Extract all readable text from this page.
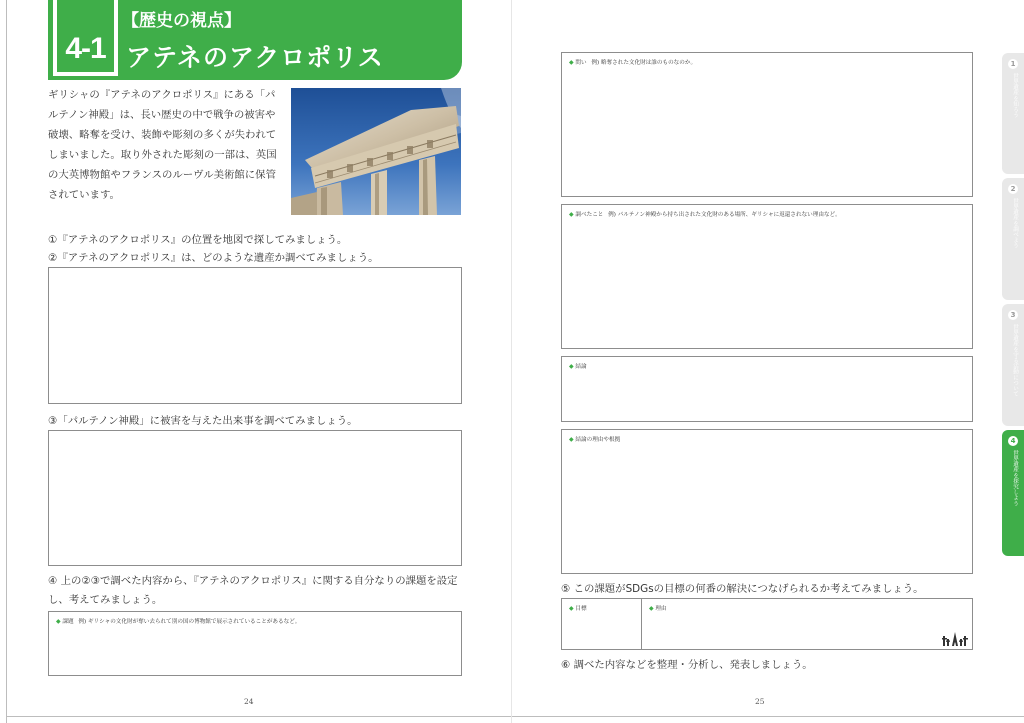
4-1
【歴史の視点】
アテネのアクロポリス

ギリシャの『アテネのアクロポリス』にある「パルテノン神殿」は、長い歴史の中で戦争の被害や破壊、略奪を受け、装飾や彫刻の多くが失われてしまいました。取り外された彫刻の一部は、英国の大英博物館やフランスのルーヴル美術館に保管されています。

①『アテネのアクロポリス』の位置を地図で探してみましょう。

②『アテネのアクロポリス』は、どのような遺産か調べてみましょう。

③「パルテノン神殿」に被害を与えた出来事を調べてみましょう。

④ 上の②③で調べた内容から、『アテネのアクロポリス』に関する自分なりの課題を設定し、考えてみましょう。

◆ 課題 例) ギリシャの文化財が奪い去られて別の国の博物館で展示されていることがあるなど。
24
◆ 問い 例) 略奪された文化財は誰のものなのか。
◆ 調べたこと 例) パルテノン神殿から持ち出された文化財のある場所、ギリシャに返還されない理由など。
◆ 結論
◆ 結論の理由や根拠

⑤ この課題がSDGsの目標の何番の解決につなげられるか考えてみましょう。

◆ 目標	◆ 理由

⑥ 調べた内容などを整理・分析し、発表しましょう。

25
1
世界遺産を知ろう
2
世界遺産を調べよう
3
世界遺産を守る活動について
4
世界遺産を探究しよう
